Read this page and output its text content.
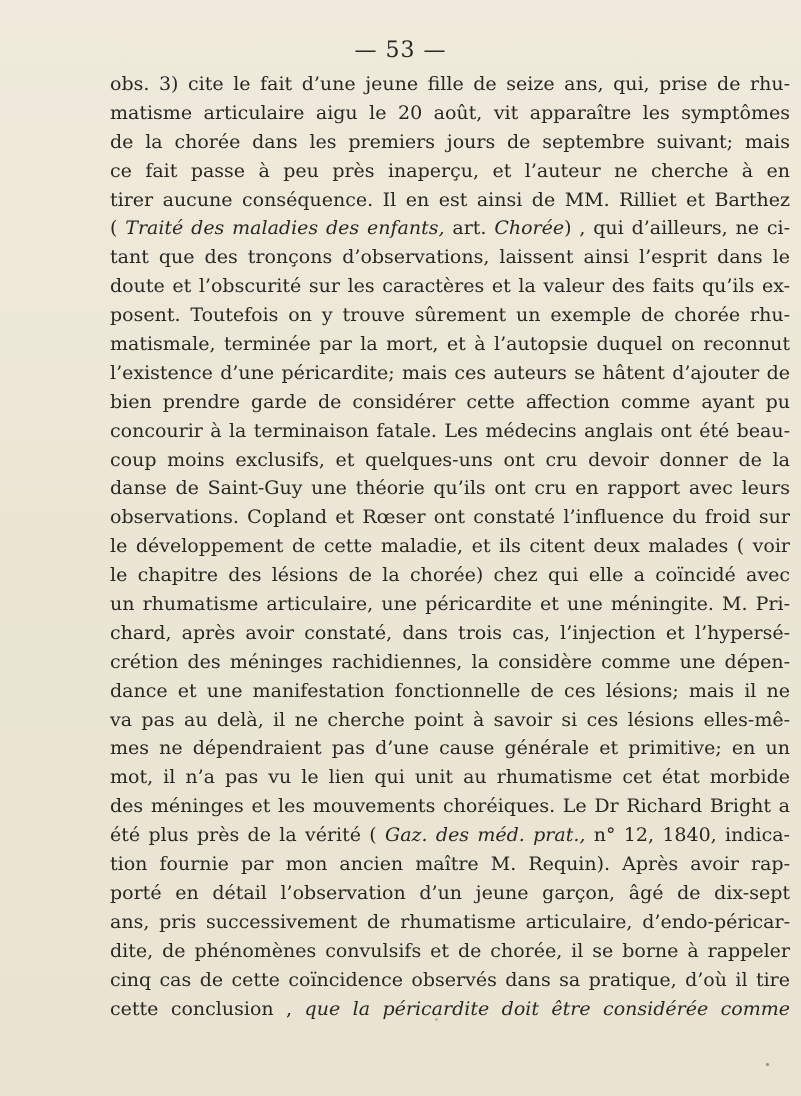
— 53 —
obs. 3) cite le fait d’une jeune fille de seize ans, qui, prise de rhu-
matisme articulaire aigu le 20 août, vit apparaître les symptômes
de la chorée dans les premiers jours de septembre suivant; mais
ce fait passe à peu près inaperçu, et l’auteur ne cherche à en
tirer aucune conséquence. Il en est ainsi de MM. Rilliet et Barthez
( Traité des maladies des enfants, art. Chorée) , qui d’ailleurs, ne ci-
tant que des tronçons d’observations, laissent ainsi l’esprit dans le
doute et l’obscurité sur les caractères et la valeur des faits qu’ils ex-
posent. Toutefois on y trouve sûrement un exemple de chorée rhu-
matismale, terminée par la mort, et à l’autopsie duquel on reconnut
l’existence d’une péricardite; mais ces auteurs se hâtent d’ajouter de
bien prendre garde de considérer cette affection comme ayant pu
concourir à la terminaison fatale. Les médecins anglais ont été beau-
coup moins exclusifs, et quelques-uns ont cru devoir donner de la
danse de Saint-Guy une théorie qu’ils ont cru en rapport avec leurs
observations. Copland et Rœser ont constaté l’influence du froid sur
le développement de cette maladie, et ils citent deux malades ( voir
le chapitre des lésions de la chorée) chez qui elle a coïncidé avec
un rhumatisme articulaire, une péricardite et une méningite. M. Pri-
chard, après avoir constaté, dans trois cas, l’injection et l’hypersé-
crétion des méninges rachidiennes, la considère comme une dépen-
dance et une manifestation fonctionnelle de ces lésions; mais il ne
va pas au delà, il ne cherche point à savoir si ces lésions elles-mê-
mes ne dépendraient pas d’une cause générale et primitive; en un
mot, il n’a pas vu le lien qui unit au rhumatisme cet état morbide
des méninges et les mouvements choréiques. Le Dr Richard Bright a
été plus près de la vérité ( Gaz. des méd. prat., n° 12, 1840, indica-
tion fournie par mon ancien maître M. Requin). Après avoir rap-
porté en détail l’observation d’un jeune garçon, âgé de dix-sept
ans, pris successivement de rhumatisme articulaire, d’endo-péricar-
dite, de phénomènes convulsifs et de chorée, il se borne à rappeler
cinq cas de cette coïncidence observés dans sa pratique, d’où il tire
cette conclusion , que la péricardite doit être considérée comme
